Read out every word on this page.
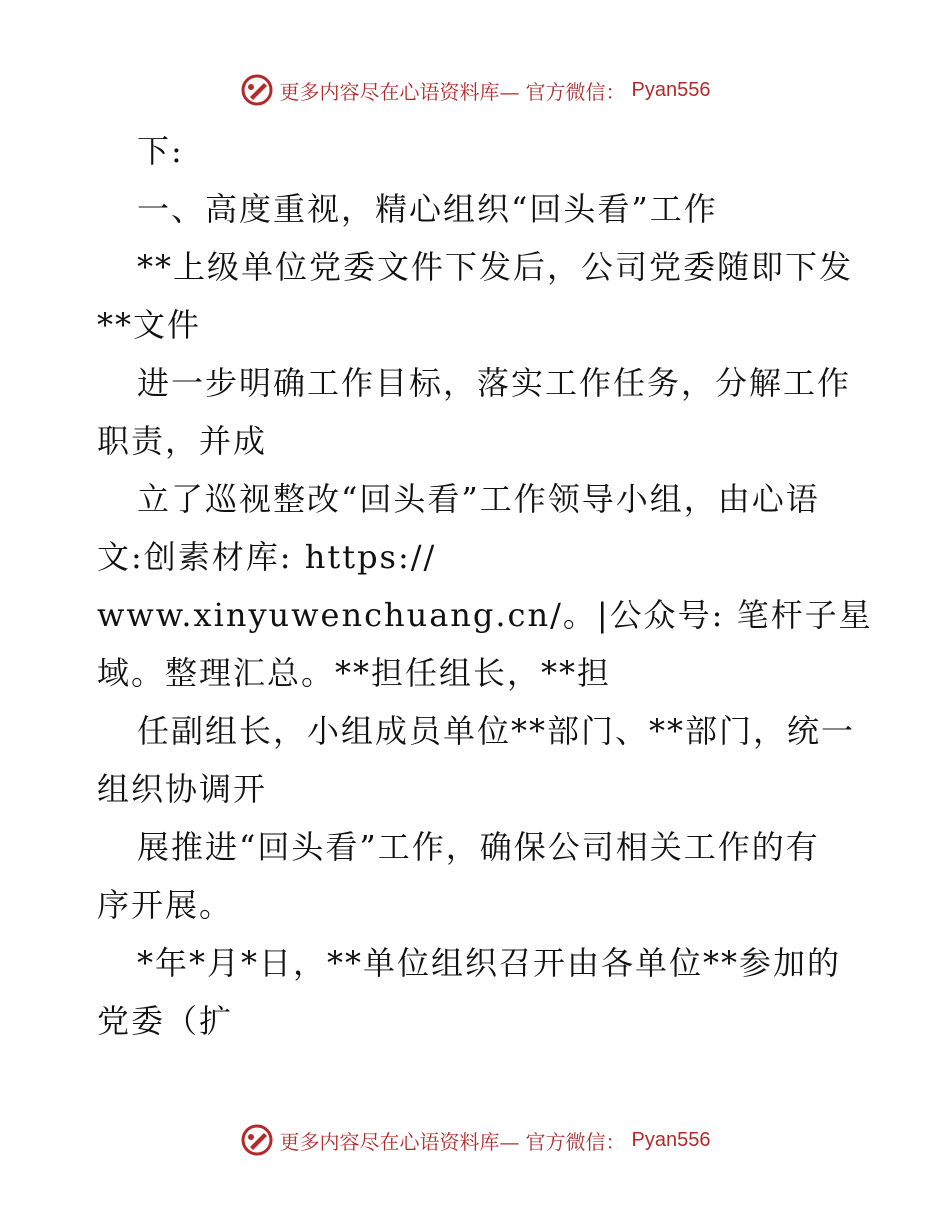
更多内容尽在心语资料库— 官方微信： Pyan556
下:
一、高度重视，精心组织“回头看”工作
**上级单位党委文件下发后，公司党委随即下发
**文件
进一步明确工作目标，落实工作任务，分解工作
职责，并成
立了巡视整改“回头看”工作领导小组，由心语
文:创素材库: https://
www.xinyuwenchuang.cn/。|公众号: 笔杆子星
域。整理汇总。**担任组长，**担
任副组长，小组成员单位**部门、**部门，统一
组织协调开
展推进“回头看”工作，确保公司相关工作的有
序开展。
*年*月*日，**单位组织召开由各单位**参加的
党委（扩
更多内容尽在心语资料库— 官方微信： Pyan556
